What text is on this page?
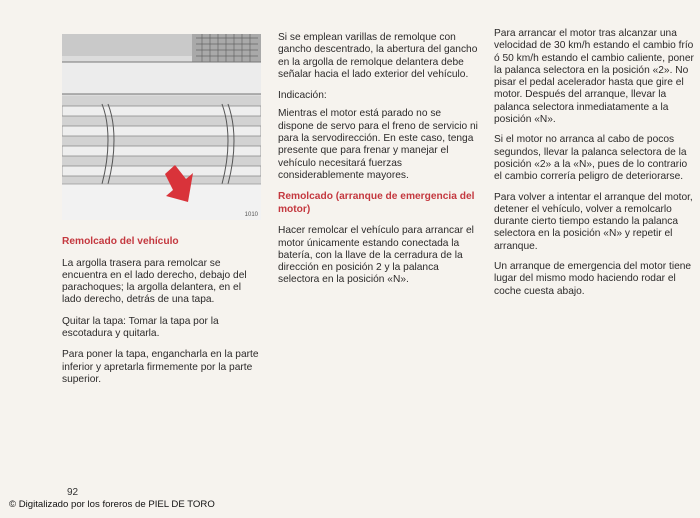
1010
Remolcado del vehículo

La argolla trasera para remolcar se encuentra en el lado derecho, debajo del parachoques; la argolla delantera, en el lado derecho, detrás de una tapa.

Quitar la tapa: Tomar la tapa por la escotadura y quitarla.

Para poner la tapa, engancharla en la parte inferior y apretarla firmemente por la parte superior.

Si se emplean varillas de remolque con gancho descentrado, la abertura del gancho en la argolla de remolque delantera debe señalar hacia el lado exterior del vehículo.

Indicación:

Mientras el motor está parado no se dispone de servo para el freno de servicio ni para la servodirección. En este caso, tenga presente que para frenar y manejar el vehículo necesitará fuerzas considerablemente mayores.

Remolcado (arranque de emergencia del motor)

Hacer remolcar el vehículo para arrancar el motor únicamente estando conectada la batería, con la llave de la cerradura de la dirección en posición 2 y la palanca selectora en la posición «N».

Para arrancar el motor tras alcanzar una velocidad de 30 km/h estando el cambio frío ó 50 km/h estando el cambio caliente, poner la palanca selectora en la posición «2». No pisar el pedal acelerador hasta que gire el motor. Después del arranque, llevar la palanca selectora inmediatamente a la posición «N».

Si el motor no arranca al cabo de pocos segundos, llevar la palanca selectora de la posición «2» a la «N», pues de lo contrario el cambio correría peligro de deteriorarse.

Para volver a intentar el arranque del motor, detener el vehículo, volver a remolcarlo durante cierto tiempo estando la palanca selectora en la posición «N» y repetir el arranque.

Un arranque de emergencia del motor tiene lugar del mismo modo haciendo rodar el coche cuesta abajo.

92
© Digitalizado por los foreros de PIEL DE TORO
